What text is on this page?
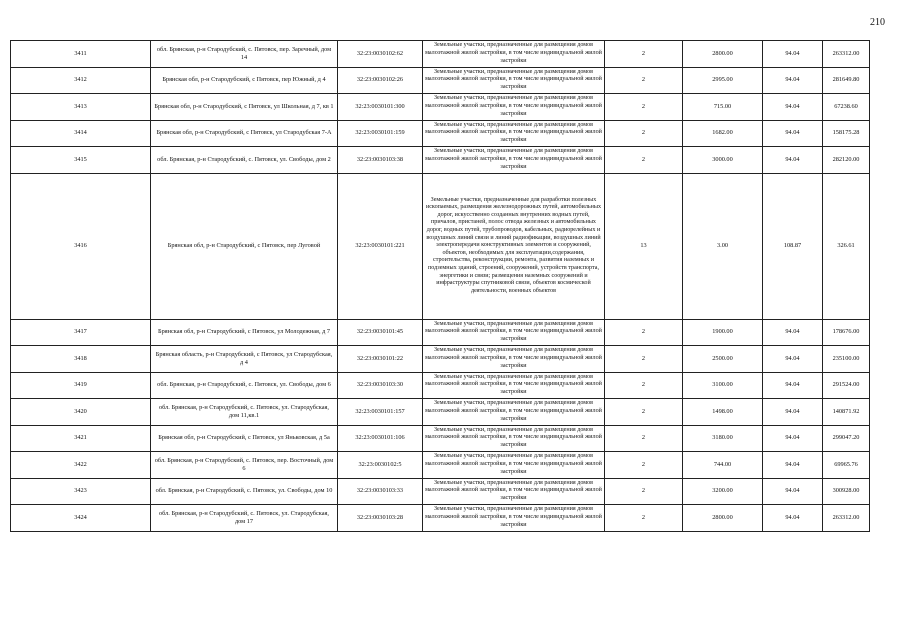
210
3411	обл. Брянская, р-н Стародубский, с. Пятовск, пер. Заречный, дом 14	32:23:0030102:62	Земельные участки, предназначенные для размещения домов малоэтажной жилой застройки, в том числе индивидуальной жилой застройки	2	2800.00	94.04	263312.00
3412	Брянская обл, р-н Стародубский, с Пятовск, пер Южный, д 4	32:23:0030102:26	Земельные участки, предназначенные для размещения домов малоэтажной жилой застройки, в том числе индивидуальной жилой застройки	2	2995.00	94.04	281649.80
3413	Брянская обл, р-н Стародубский, с Пятовск, ул Школьная, д 7, кв 1	32:23:0030101:300	Земельные участки, предназначенные для размещения домов малоэтажной жилой застройки, в том числе индивидуальной жилой застройки	2	715.00	94.04	67238.60
3414	Брянская обл, р-н Стародубский, с Пятовск, ул Стародубская 7-А	32:23:0030101:159	Земельные участки, предназначенные для размещения домов малоэтажной жилой застройки, в том числе индивидуальной жилой застройки	2	1682.00	94.04	158175.28
3415	обл. Брянская, р-н Стародубский, с. Пятовск, ул. Свободы, дом 2	32:23:0030103:38	Земельные участки, предназначенные для размещения домов малоэтажной жилой застройки, в том числе индивидуальной жилой застройки	2	3000.00	94.04	282120.00
3416	Брянская обл, р-н Стародубский, с Пятовск, пер Луговой	32:23:0030101:221	Земельные участки, предназначенные для разработки полезных ископаемых, размещения железнодорожных путей, автомобильных дорог, искусственно созданных внутренних водных путей, причалов, пристаней, полос отвода железных и автомобильных дорог, водных путей, трубопроводов, кабельных, радиорелейных и воздушных линий связи и линий радиофикации, воздушных линий электропередачи конструктивных элементов и сооружений, объектов, необходимых для эксплуатации,содержания, строительства, реконструкции, ремонта, развития наземных и подземных зданий, строений, сооружений, устройств транспорта, энергетики и связи; размещения наземных сооружений и инфраструктуры спутниковой связи, объектов космической деятельности, военных объектов	13	3.00	108.87	326.61
3417	Брянская обл, р-н Стародубский, с Пятовск, ул Молодежная, д 7	32:23:0030101:45	Земельные участки, предназначенные для размещения домов малоэтажной жилой застройки, в том числе индивидуальной жилой застройки	2	1900.00	94.04	178676.00
3418	Брянская область, р-н Стародубский, с Пятовск, ул Стародубская, д 4	32:23:0030101:22	Земельные участки, предназначенные для размещения домов малоэтажной жилой застройки, в том числе индивидуальной жилой застройки	2	2500.00	94.04	235100.00
3419	обл. Брянская, р-н Стародубский, с. Пятовск, ул. Свободы, дом 6	32:23:0030103:30	Земельные участки, предназначенные для размещения домов малоэтажной жилой застройки, в том числе индивидуальной жилой застройки	2	3100.00	94.04	291524.00
3420	обл. Брянская, р-н Стародубский, с. Пятовск, ул. Стародубская, дом 11,кв.1	32:23:0030101:157	Земельные участки, предназначенные для размещения домов малоэтажной жилой застройки, в том числе индивидуальной жилой застройки	2	1498.00	94.04	140871.92
3421	Брянская обл, р-н Стародубский, с Пятовск, ул Яньковская, д 5а	32:23:0030101:106	Земельные участки, предназначенные для размещения домов малоэтажной жилой застройки, в том числе индивидуальной жилой застройки	2	3180.00	94.04	299047.20
3422	обл. Брянская, р-н Стародубский, с. Пятовск, пер. Восточный, дом 6	32:23:0030102:5	Земельные участки, предназначенные для размещения домов малоэтажной жилой застройки, в том числе индивидуальной жилой застройки	2	744.00	94.04	69965.76
3423	обл. Брянская, р-н Стародубский, с. Пятовск, ул. Свободы, дом 10	32:23:0030103:33	Земельные участки, предназначенные для размещения домов малоэтажной жилой застройки, в том числе индивидуальной жилой застройки	2	3200.00	94.04	300928.00
3424	обл. Брянская, р-н Стародубский, с. Пятовск, ул. Стародубская, дом 17	32:23:0030103:28	Земельные участки, предназначенные для размещения домов малоэтажной жилой застройки, в том числе индивидуальной жилой застройки	2	2800.00	94.04	263312.00
